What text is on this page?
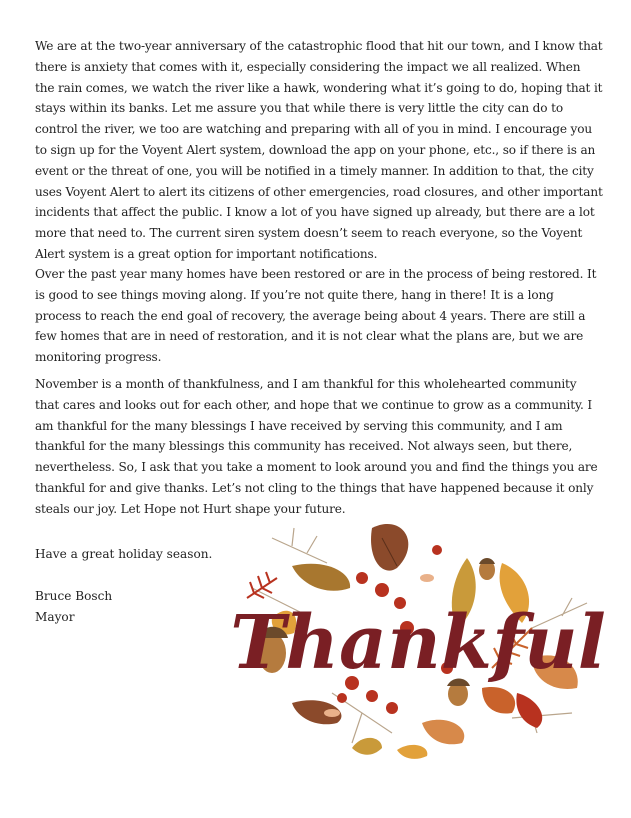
We are at the two-year anniversary of the catastrophic flood that hit our town, and I know that there is anxiety that comes with it, especially considering the impact we all realized. When the rain comes, we watch the river like a hawk, wondering what it’s going to do, hoping that it stays within its banks. Let me assure you that while there is very little the city can do to control the river, we too are watching and preparing with all of you in mind. I encourage you to sign up for the Voyent Alert system, download the app on your phone, etc., so if there is an event or the threat of one, you will be notified in a timely manner. In addition to that, the city uses Voyent Alert to alert its citizens of other emergencies, road closures, and other important incidents that affect the public. I know a lot of you have signed up already, but there are a lot more that need to. The current siren system doesn’t seem to reach everyone, so the Voyent Alert system is a great option for important notifications.

Over the past year many homes have been restored or are in the process of being restored. It is good to see things moving along. If you’re not quite there, hang in there! It is a long process to reach the end goal of recovery, the average being about 4 years. There are still a few homes that are in need of restoration, and it is not clear what the plans are, but we are monitoring progress.

November is a month of thankfulness, and I am thankful for this wholehearted community that cares and looks out for each other, and hope that we continue to grow as a community. I am thankful for the many blessings I have received by serving this community, and I am thankful for the many blessings this community has received. Not always seen, but there, nevertheless. So, I ask that you take a moment to look around you and find the things you are thankful for and give thanks. Let’s not cling to the things that have happened because it only steals our joy. Let Hope not Hurt shape your future.

Have a great holiday season.

Bruce Bosch

Mayor Thankful
